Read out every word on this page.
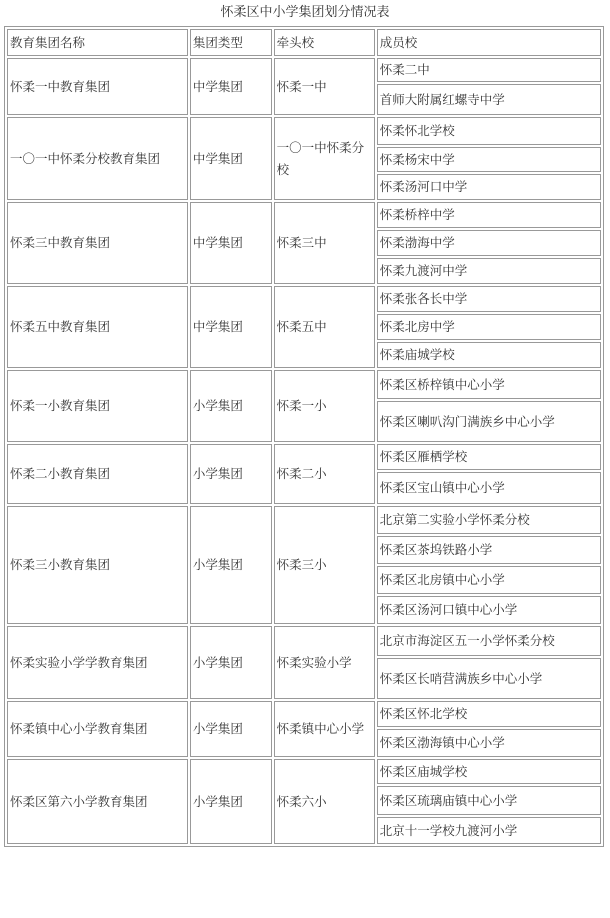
怀柔区中小学集团划分情况表
教育集团名称	集团类型	牵头校	成员校
怀柔一中教育集团	中学集团	怀柔一中	怀柔二中
			首师大附属红螺寺中学
一〇一中怀柔分校教育集团	中学集团	一〇一中怀柔分校	怀柔怀北学校
			怀柔杨宋中学
			怀柔汤河口中学
怀柔三中教育集团	中学集团	怀柔三中	怀柔桥梓中学
			怀柔渤海中学
			怀柔九渡河中学
怀柔五中教育集团	中学集团	怀柔五中	怀柔张各长中学
			怀柔北房中学
			怀柔庙城学校
怀柔一小教育集团	小学集团	怀柔一小	怀柔区桥梓镇中心小学
			怀柔区喇叭沟门满族乡中心小学
怀柔二小教育集团	小学集团	怀柔二小	怀柔区雁栖学校
			怀柔区宝山镇中心小学
怀柔三小教育集团	小学集团	怀柔三小	北京第二实验小学怀柔分校
			怀柔区茶坞铁路小学
			怀柔区北房镇中心小学
			怀柔区汤河口镇中心小学
怀柔实验小学学教育集团	小学集团	怀柔实验小学	北京市海淀区五一小学怀柔分校
			怀柔区长哨营满族乡中心小学
怀柔镇中心小学教育集团	小学集团	怀柔镇中心小学	怀柔区怀北学校
			怀柔区渤海镇中心小学
怀柔区第六小学教育集团	小学集团	怀柔六小	怀柔区庙城学校
			怀柔区琉璃庙镇中心小学
			北京十一学校九渡河小学
